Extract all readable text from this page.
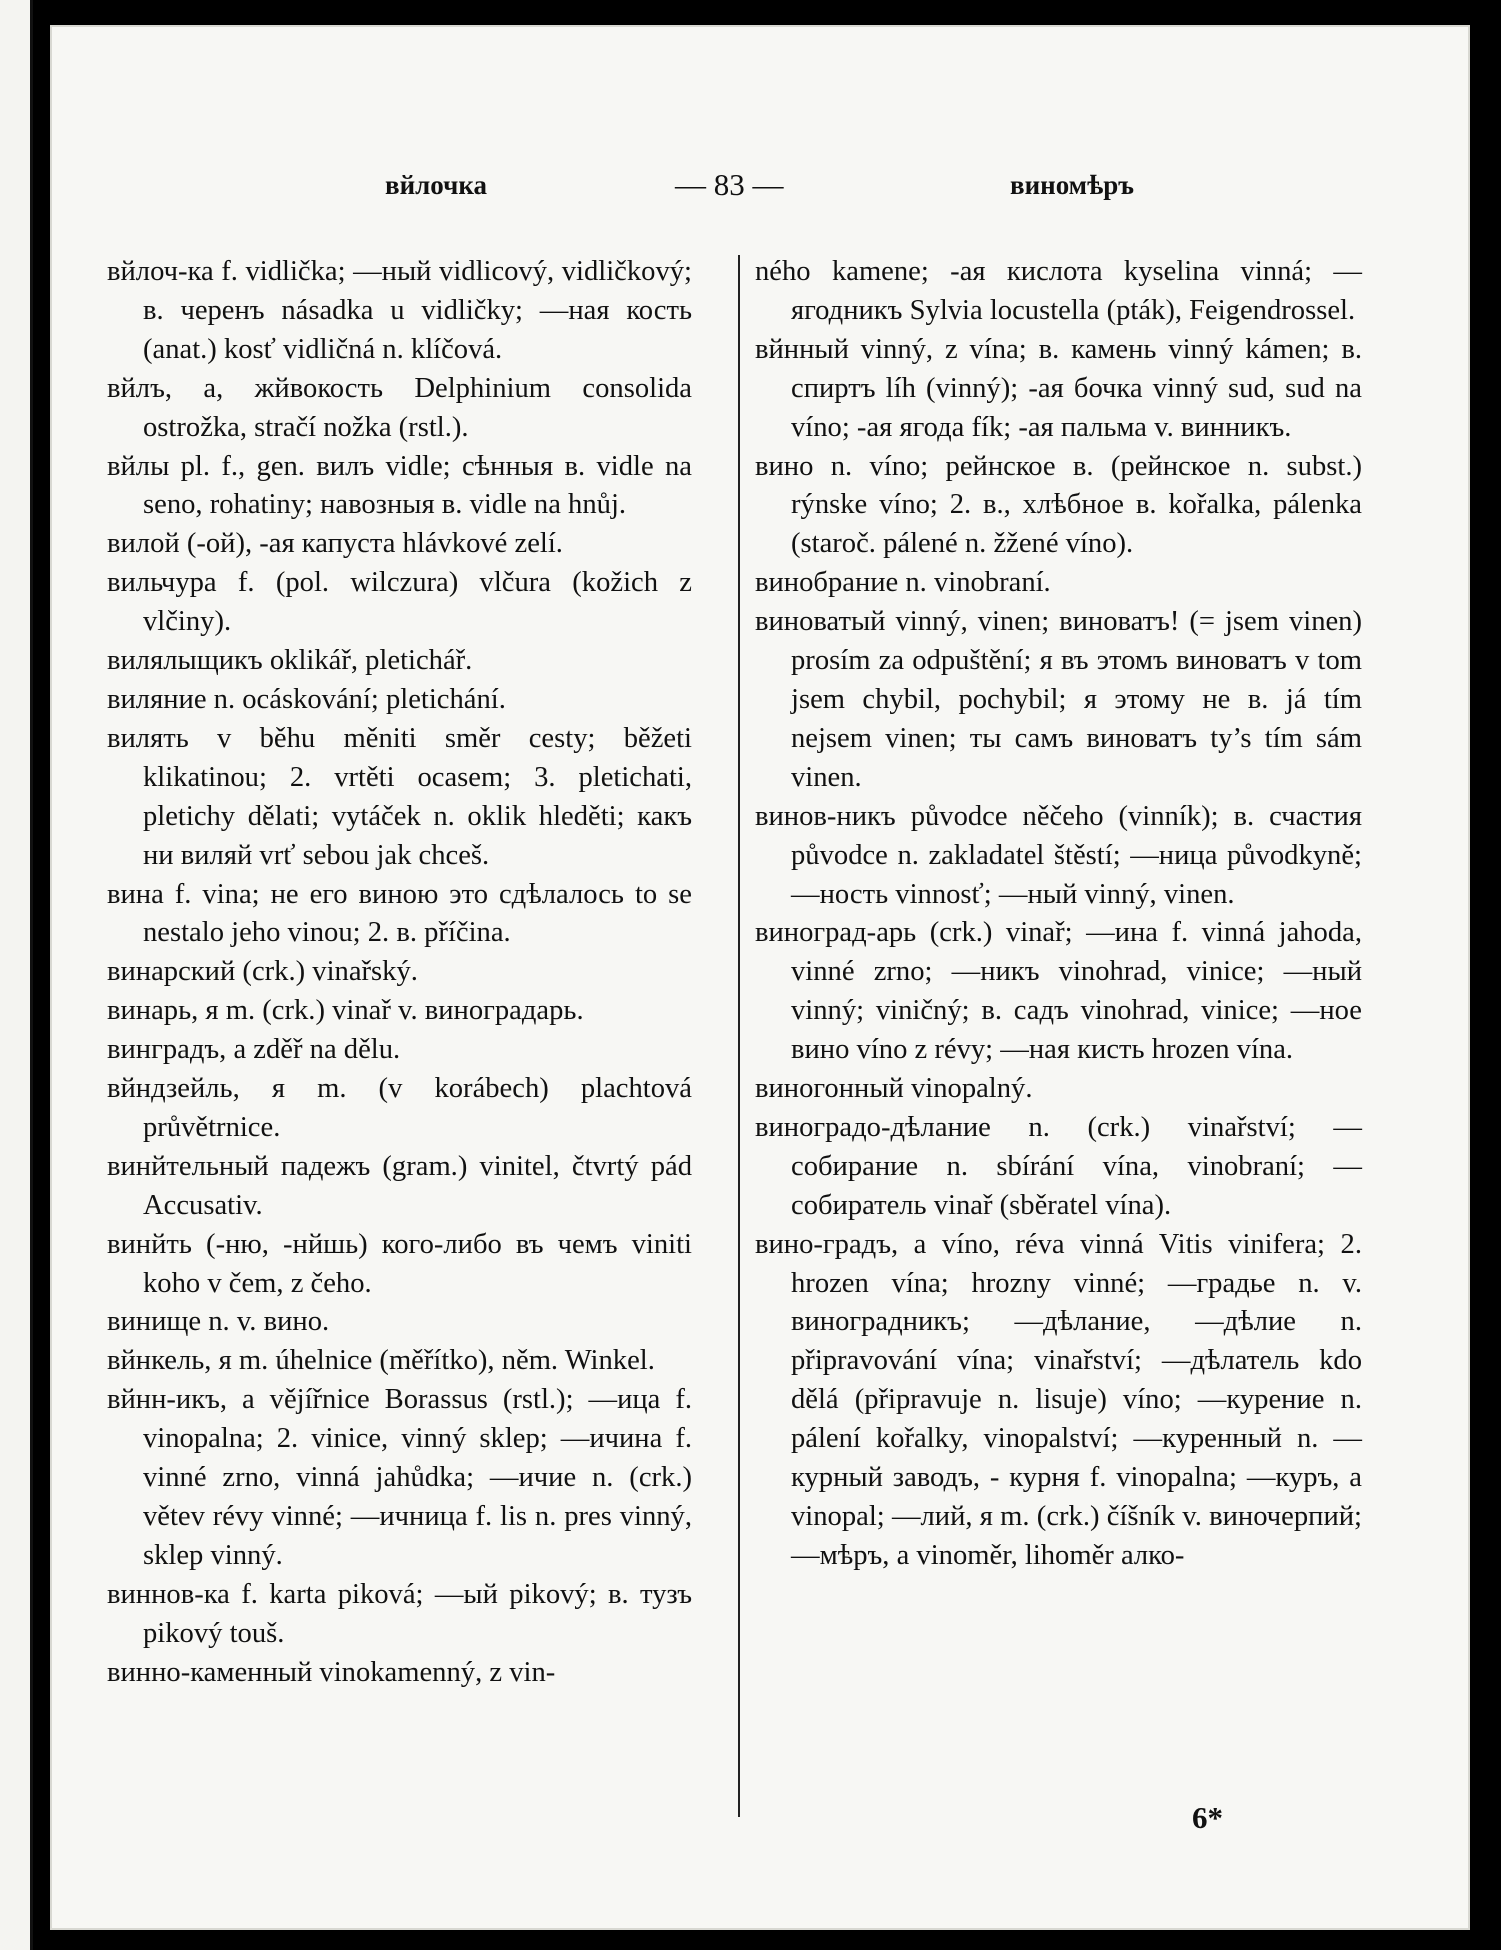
вйлочка	— 83 —	виномѣръ

вйлоч-ка f. vidlička; —ный vidlicový, vidličkový; в. черенъ násadka u vidličky; —ная кость (anat.) kosť vidličná n. klíčová.

вйлъ, а, жйвокость Delphinium consolida ostrožka, stračí nožka (rstl.).

вйлы pl. f., gen. вилъ vidle; сѣнныя в. vidle na seno, rohatiny; навозныя в. vidle na hnůj.

вилой (-ой), -ая капуста hlávkové zelí.

вильчура f. (pol. wilczura) vlčura (kožich z vlčiny).

вилялыщикъ oklikář, pletichář.

виляние n. ocáskování; pletichání.

вилять v běhu měniti směr cesty; běžeti klikatinou; 2. vrtěti ocasem; 3. pletichati, pletichy dělati; vytáček n. oklik hleděti; какъ ни виляй vrť sebou jak chceš.

вина f. vina; не его виною это сдѣлалось to se nestalo jeho vinou; 2. в. příčina.

винарский (crk.) vinařský.

винарь, я m. (crk.) vinař v. виноградарь.

винградъ, а zděř na dělu.

вйндзейль, я m. (v korábech) plachtová průvětrnice.

винйтельный падежъ (gram.) vinitel, čtvrtý pád Accusativ.

винйть (-ню, -нйшь) кого-либо въ чемъ viniti koho v čem, z čeho.

винище n. v. вино.

вйнкель, я m. úhelnice (měřítko), něm. Winkel.

вйнн-икъ, а vějířnice Borassus (rstl.); —ица f. vinopalna; 2. vinice, vinný sklep; —ичина f. vinné zrno, vinná jahůdka; —ичие n. (crk.) větev révy vinné; —ичница f. lis n. pres vinný, sklep vinný.

виннов-ка f. karta piková; —ый pikový; в. тузъ pikový touš.

винно-каменный vinokamenný, z vin-

ného kamene; -ая кислота kyselina vinná; —ягодникъ Sylvia locustella (pták), Feigendrossel.

вйнный vinný, z vína; в. камень vinný kámen; в. спиртъ líh (vinný); -ая бочка vinný sud, sud na víno; -ая ягода fík; -ая пальма v. винникъ.

вино n. víno; рейнское в. (рейнское n. subst.) rýnske víno; 2. в., хлѣбное в. kořalka, pálenka (staroč. pálené n. žžené víno).

винобрание n. vinobraní.

виноватый vinný, vinen; виноватъ! (= jsem vinen) prosím za odpuštění; я въ этомъ виноватъ v tom jsem chybil, pochybil; я этому не в. já tím nejsem vinen; ты самъ виноватъ ty’s tím sám vinen.

винов-никъ původce něčeho (vinník); в. счастия původce n. zakladatel štěstí; —ница původkyně; —ность vinnosť; —ный vinný, vinen.

виноград-арь (crk.) vinař; —ина f. vinná jahoda, vinné zrno; —никъ vinohrad, vinice; —ный vinný; viničný; в. садъ vinohrad, vinice; —ное вино víno z révy; —ная кисть hrozen vína.

виногонный vinopalný.

виноградо-дѣлание n. (crk.) vinařství; —собирание n. sbírání vína, vinobraní; —собиратель vinař (sběratel vína).

вино-градъ, а víno, réva vinná Vitis vinifera; 2. hrozen vína; hrozny vinné; —градье n. v. виноградникъ; —дѣлание, —дѣлие n. připravování vína; vinařství; —дѣлатель kdo dělá (připravuje n. lisuje) víno; —курение n. pálení kořalky, vinopalství; —куренный n. —курный заводъ, - курня f. vinopalna; —куръ, а vinopal; —лий, я m. (crk.) číšník v. виночерпий; —мѣръ, а vinoměr, lihoměr алко-

6*
